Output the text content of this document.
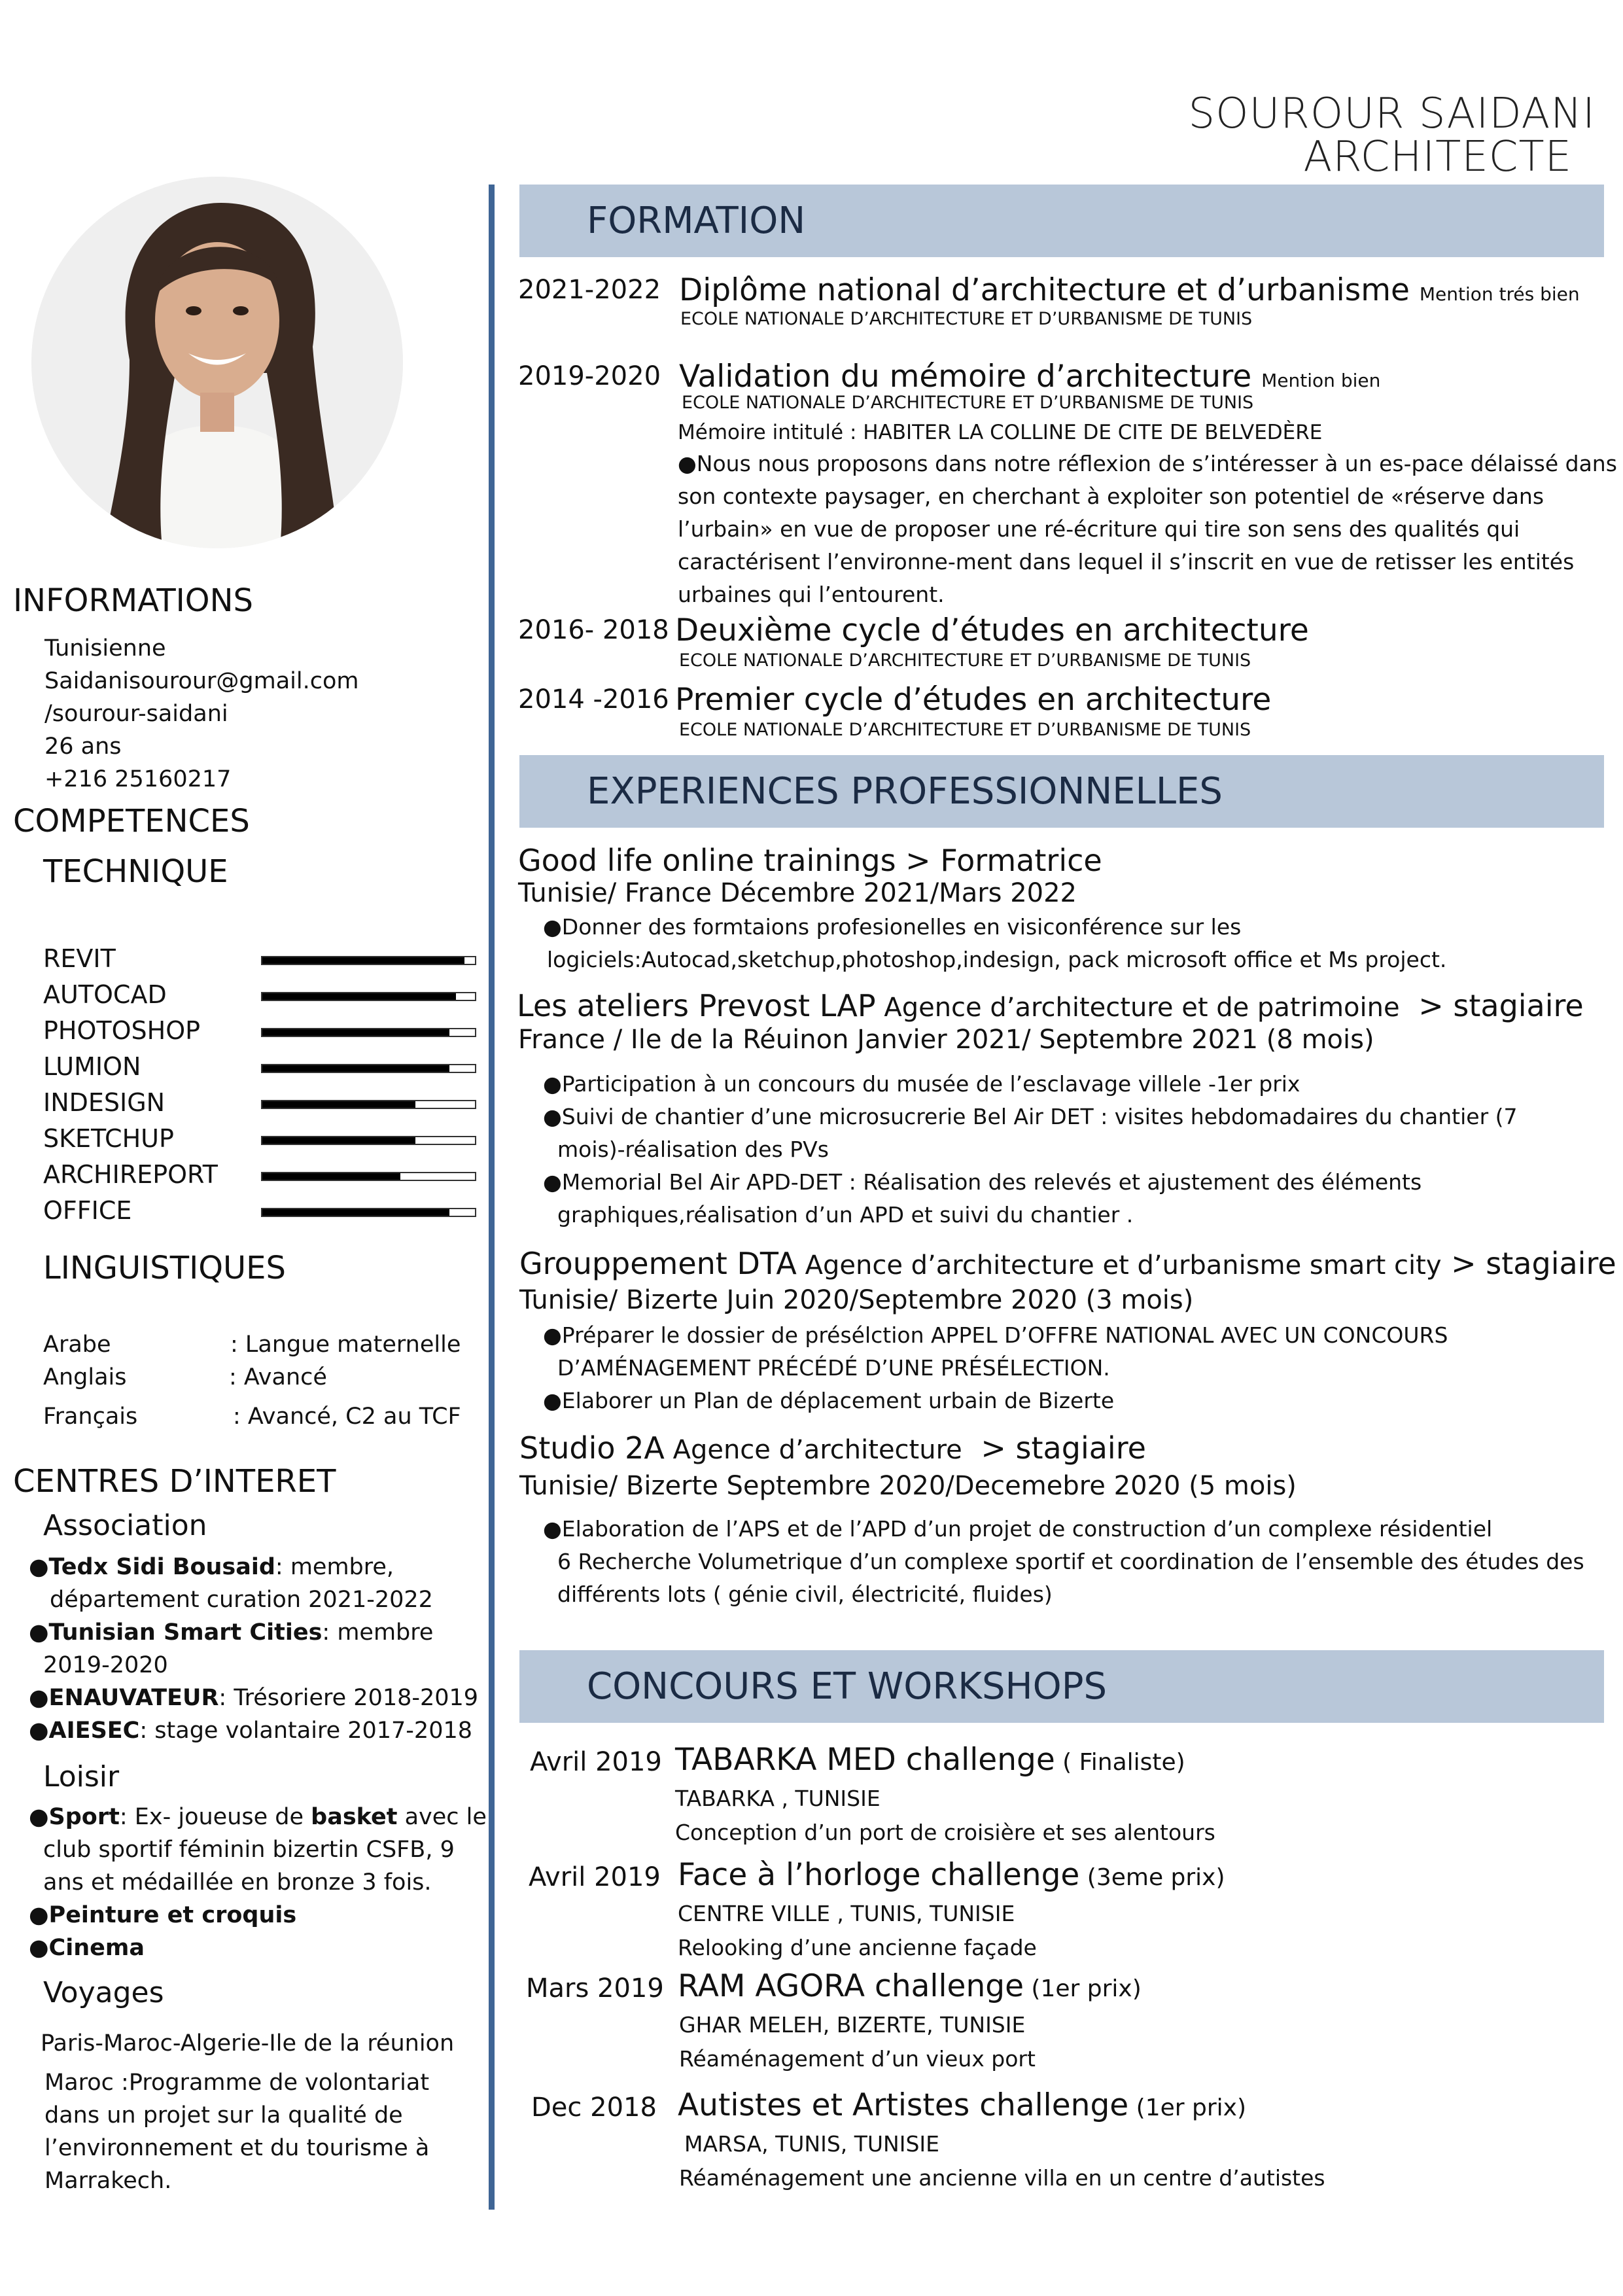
SOUROUR SAIDANI
ARCHITECTE
INFORMATIONS
Tunisienne
Saidanisourour@gmail.com
/sourour-saidani
26 ans
+216 25160217
COMPETENCES
TECHNIQUE
REVIT
AUTOCAD
PHOTOSHOP
LUMION
INDESIGN
SKETCHUP
ARCHIREPORT
OFFICE
LINGUISTIQUES
Arabe	: Langue maternelle
Anglais	: Avancé
Français	: Avancé, C2 au TCF
CENTRES D’INTERET
Association
●Tedx Sidi Bousaid: membre,
département curation 2021-2022
●Tunisian Smart Cities: membre
2019-2020
●ENAUVATEUR: Trésoriere 2018-2019
●AIESEC: stage volantaire 2017-2018
Loisir
●Sport: Ex- joueuse de basket avec le
club sportif féminin bizertin CSFB, 9
ans et médaillée en bronze 3 fois.
●Peinture et croquis
●Cinema
Voyages
Paris-Maroc-Algerie-Ile de la réunion
Maroc :Programme de volontariat
dans un projet sur la qualité de
l’environnement et du tourisme à
Marrakech.
FORMATION
2021-2022 Diplôme national d’architecture et d’urbanisme Mention trés bien
ECOLE NATIONALE D’ARCHITECTURE ET D’URBANISME DE TUNIS
2019-2020 Validation du mémoire d’architecture Mention bien
ECOLE NATIONALE D’ARCHITECTURE ET D’URBANISME DE TUNIS
Mémoire intitulé : HABITER LA COLLINE DE CITE DE BELVEDÈRE
●Nous nous proposons dans notre réflexion de s’intéresser à un es-pace délaissé dans
son contexte paysager, en cherchant à exploiter son potentiel de «réserve dans
l’urbain» en vue de proposer une ré-écriture qui tire son sens des qualités qui
caractérisent l’environne-ment dans lequel il s’inscrit en vue de retisser les entités
urbaines qui l’entourent.
2016- 2018 Deuxième cycle d’études en architecture
ECOLE NATIONALE D’ARCHITECTURE ET D’URBANISME DE TUNIS
2014 -2016 Premier cycle d’études en architecture
ECOLE NATIONALE D’ARCHITECTURE ET D’URBANISME DE TUNIS
EXPERIENCES PROFESSIONNELLES
Good life online trainings > Formatrice
Tunisie/ France Décembre 2021/Mars 2022
●Donner des formtaions profesionelles en visiconférence sur les
logiciels:Autocad,sketchup,photoshop,indesign, pack microsoft office et Ms project.
Les ateliers Prevost LAP Agence d’architecture et de patrimoine > stagiaire
France / Ile de la Réuinon Janvier 2021/ Septembre 2021 (8 mois)
●Participation à un concours du musée de l’esclavage villele -1er prix
●Suivi de chantier d’une microsucrerie Bel Air DET : visites hebdomadaires du chantier (7
mois)-réalisation des PVs
●Memorial Bel Air APD-DET : Réalisation des relevés et ajustement des éléments
graphiques,réalisation d’un APD et suivi du chantier .
Grouppement DTA Agence d’architecture et d’urbanisme smart city > stagiaire
Tunisie/ Bizerte Juin 2020/Septembre 2020 (3 mois)
●Préparer le dossier de présélction APPEL D’OFFRE NATIONAL AVEC UN CONCOURS
D’AMÉNAGEMENT PRÉCÉDÉ D’UNE PRÉSÉLECTION.
●Elaborer un Plan de déplacement urbain de Bizerte
Studio 2A Agence d’architecture > stagiaire
Tunisie/ Bizerte Septembre 2020/Decemebre 2020 (5 mois)
●Elaboration de l’APS et de l’APD d’un projet de construction d’un complexe résidentiel
6 Recherche Volumetrique d’un complexe sportif et coordination de l’ensemble des études des
différents lots ( génie civil, électricité, fluides)
CONCOURS ET WORKSHOPS
Avril 2019 TABARKA MED challenge ( Finaliste)
TABARKA , TUNISIE
Conception d’un port de croisière et ses alentours
Avril 2019 Face à l’horloge challenge (3eme prix)
CENTRE VILLE , TUNIS, TUNISIE
Relooking d’une ancienne façade
Mars 2019 RAM AGORA challenge (1er prix)
GHAR MELEH, BIZERTE, TUNISIE
Réaménagement d’un vieux port
Dec 2018 Autistes et Artistes challenge (1er prix)
MARSA, TUNIS, TUNISIE
Réaménagement une ancienne villa en un centre d’autistes
